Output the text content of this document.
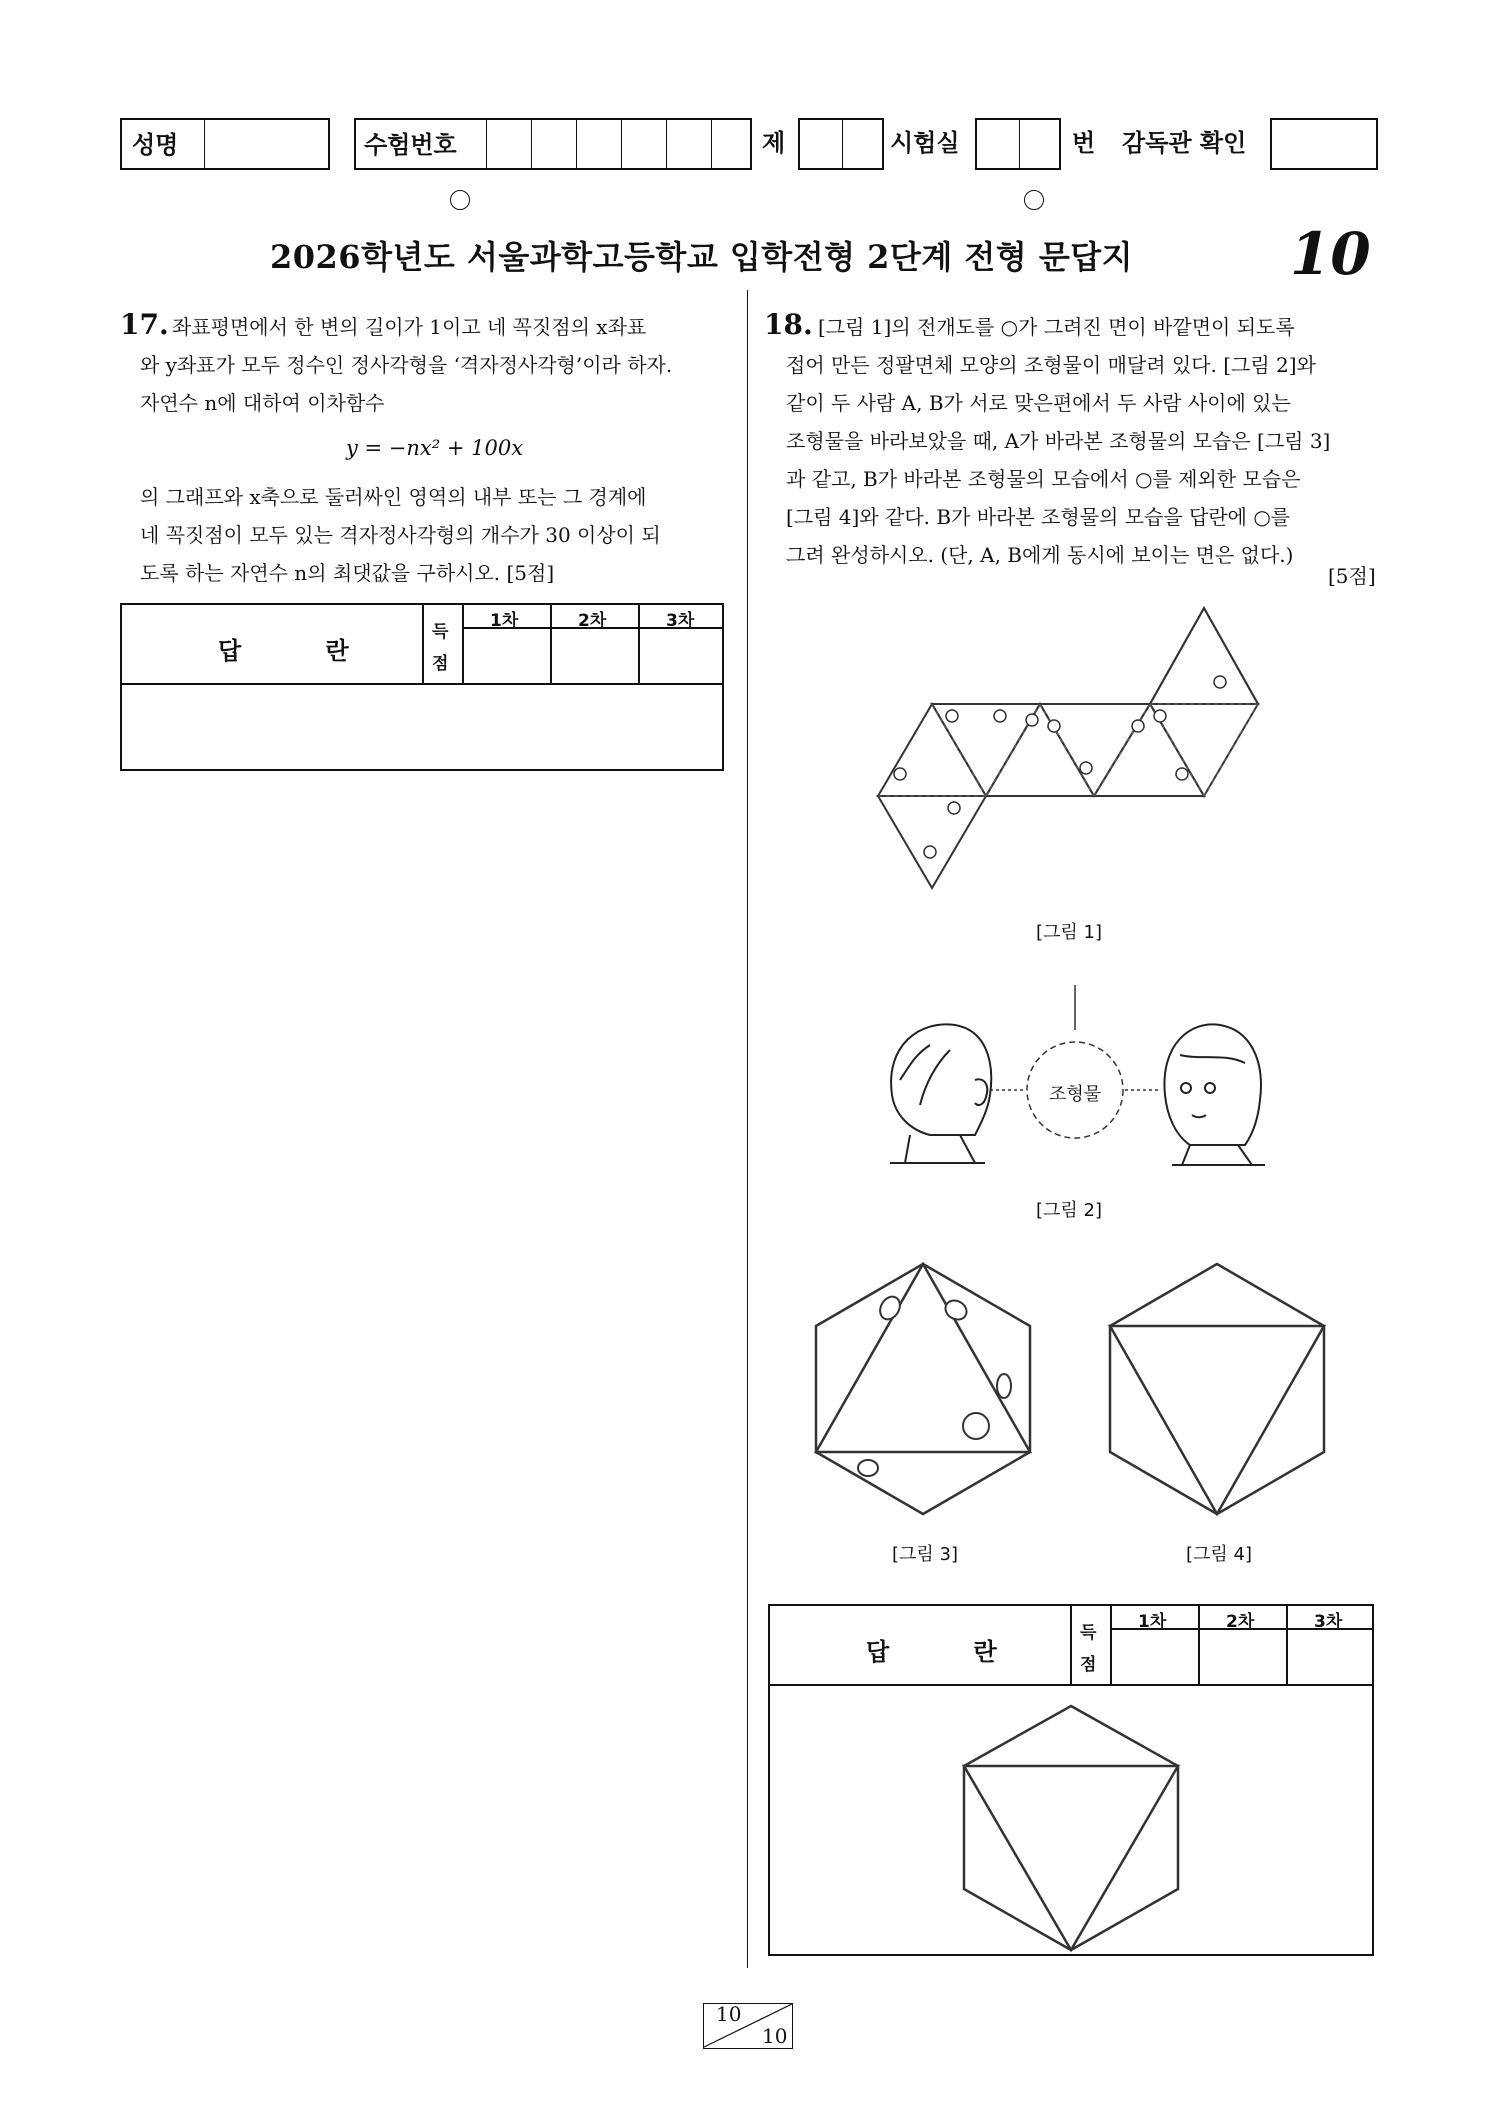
성명	수험번호	제	시험실	번 감독관 확인
2026학년도 서울과학고등학교 입학전형 2단계 전형 문답지	10
17. 좌표평면에서 한 변의 길이가 1이고 네 꼭짓점의 x좌표
와 y좌표가 모두 정수인 정사각형을 ‘격자정사각형’이라 하자.
자연수 n에 대하여 이차함수
y = −nx² + 100x
의 그래프와 x축으로 둘러싸인 영역의 내부 또는 그 경계에
네 꼭짓점이 모두 있는 격자정사각형의 개수가 30 이상이 되
도록 하는 자연수 n의 최댓값을 구하시오. [5점]
답 란
득
점
1차	2차	3차
18. [그림 1]의 전개도를 ○가 그려진 면이 바깥면이 되도록
접어 만든 정팔면체 모양의 조형물이 매달려 있다. [그림 2]와
같이 두 사람 A, B가 서로 맞은편에서 두 사람 사이에 있는
조형물을 바라보았을 때, A가 바라본 조형물의 모습은 [그림 3]
과 같고, B가 바라본 조형물의 모습에서 ○를 제외한 모습은
[그림 4]와 같다. B가 바라본 조형물의 모습을 답란에 ○를
그려 완성하시오. (단, A, B에게 동시에 보이는 면은 없다.)
[5점]
[그림 1]
조형물
[그림 2]
[그림 3]	[그림 4]
답 란
득
점
1차	2차	3차
10
10
